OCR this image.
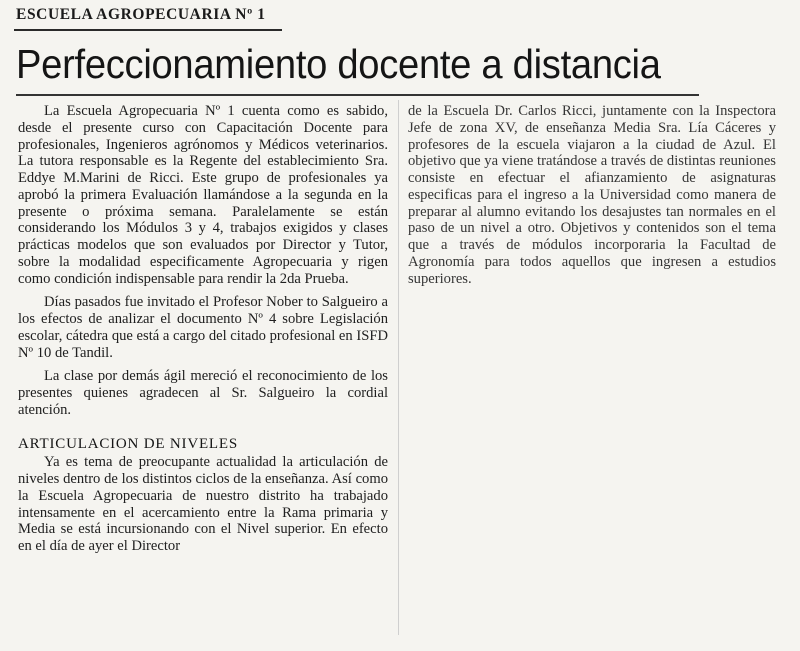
ESCUELA AGROPECUARIA Nº 1
Perfeccionamiento docente a distancia

La Escuela Agropecuaria Nº 1 cuenta como es sabido, desde el presente curso con Capacitación Docente para profesionales, Ingenieros agrónomos y Médicos veterinarios. La tutora responsable es la Regente del establecimiento Sra. Eddye M.Marini de Ricci. Este grupo de profesionales ya aprobó la primera Evaluación llamándose a la segunda en la presente o próxima semana. Paralelamente se están considerando los Módulos 3 y 4, trabajos exigidos y clases prácticas modelos que son evaluados por Director y Tutor, sobre la modalidad especificamente Agropecuaria y rigen como condición indispensable para rendir la 2da Prueba.

Días pasados fue invitado el Profesor Nober to Salgueiro a los efectos de analizar el documento Nº 4 sobre Legislación escolar, cátedra que está a cargo del citado profesional en ISFD Nº 10 de Tandil.

La clase por demás ágil mereció el reconocimiento de los presentes quienes agradecen al Sr. Salgueiro la cordial atención.

ARTICULACION DE NIVELES

Ya es tema de preocupante actualidad la articulación de niveles dentro de los distintos ciclos de la enseñanza. Así como la Escuela Agropecuaria de nuestro distrito ha trabajado intensamente en el acercamiento entre la Rama primaria y Media se está incursionando con el Nivel superior. En efecto en el día de ayer el Director

de la Escuela Dr. Carlos Ricci, juntamente con la Inspectora Jefe de zona XV, de enseñanza Media Sra. Lía Cáceres y profesores de la escuela viajaron a la ciudad de Azul. El objetivo que ya viene tratándose a través de distintas reuniones consiste en efectuar el afianzamiento de asignaturas especificas para el ingreso a la Universidad como manera de preparar al alumno evitando los desajustes tan normales en el paso de un nivel a otro. Objetivos y contenidos son el tema que a través de módulos incorporaria la Facultad de Agronomía para todos aquellos que ingresen a estudios superiores.
